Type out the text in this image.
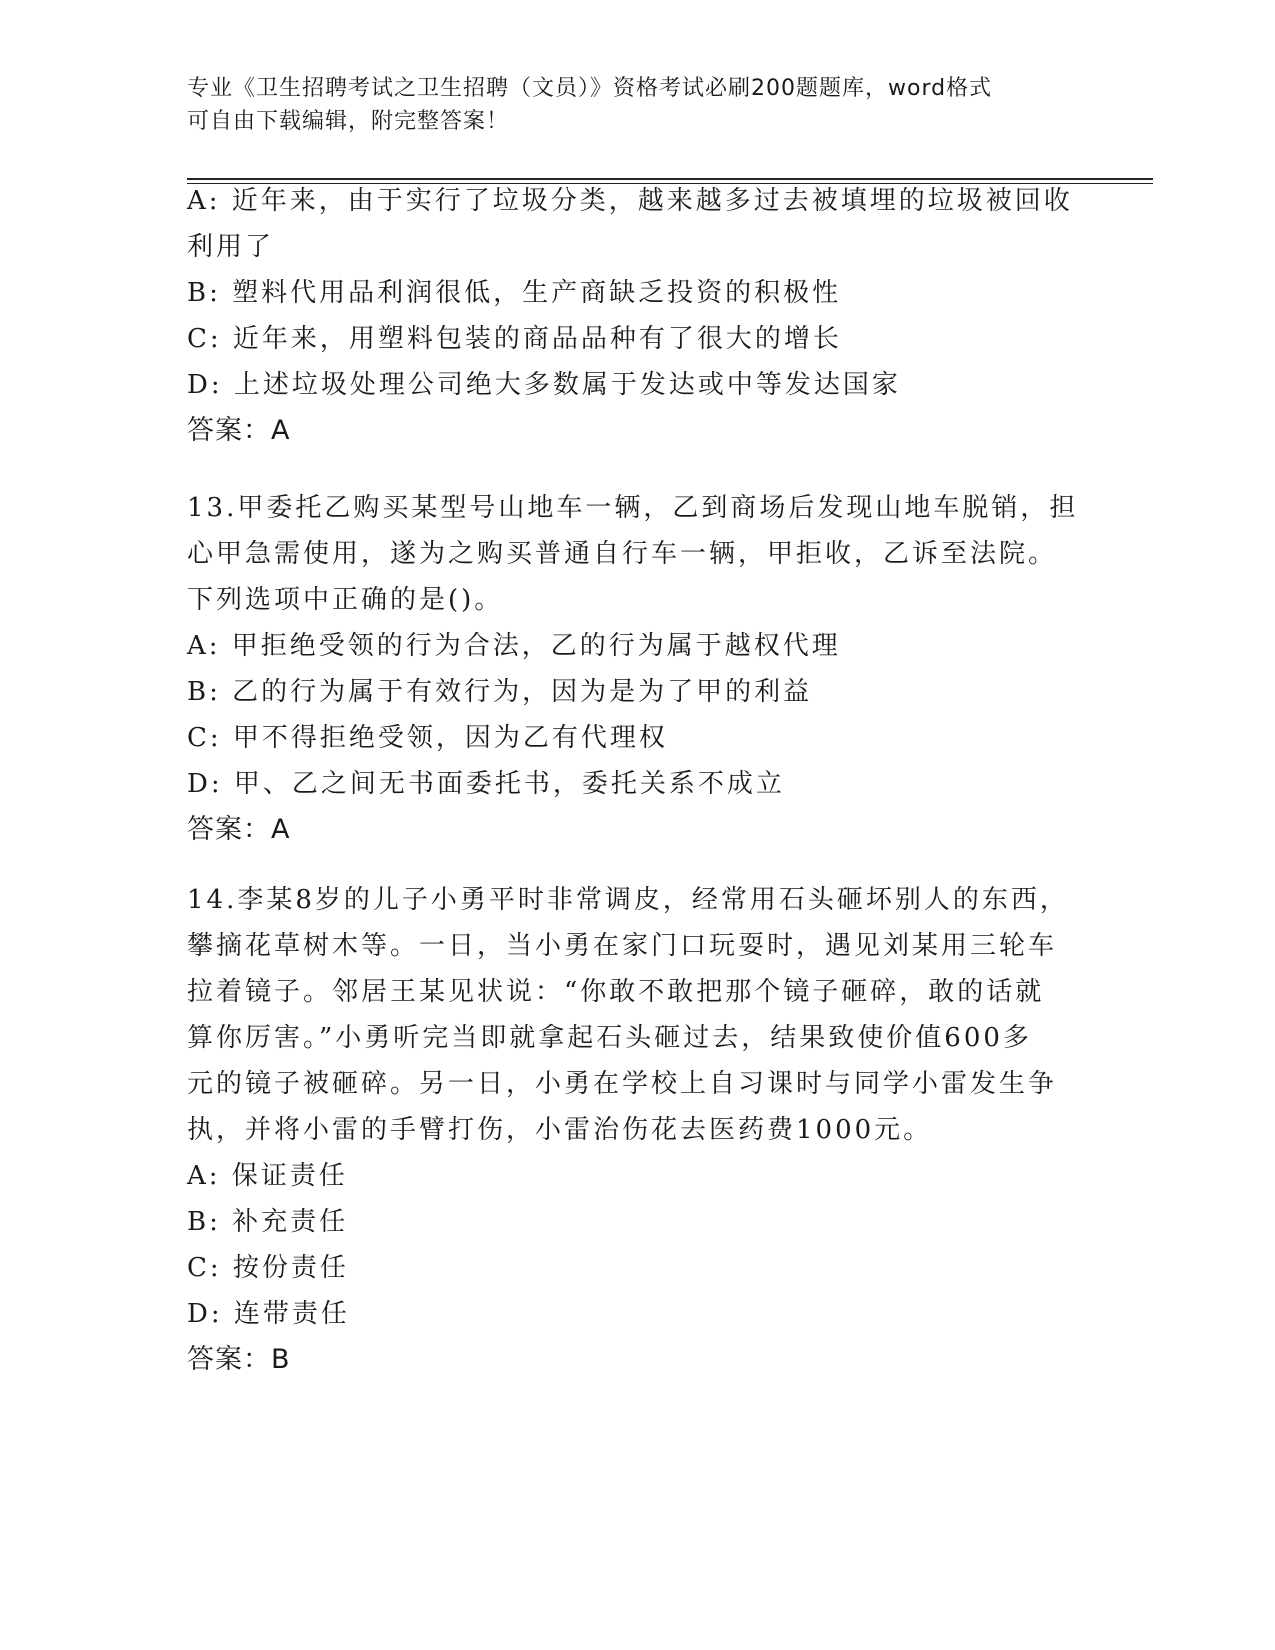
专业《卫生招聘考试之卫生招聘（文员）》资格考试必刷200题题库，word格式
可自由下载编辑，附完整答案！
A: 近年来，由于实行了垃圾分类，越来越多过去被填埋的垃圾被回收
利用了
B: 塑料代用品利润很低，生产商缺乏投资的积极性
C: 近年来，用塑料包装的商品品种有了很大的增长
D: 上述垃圾处理公司绝大多数属于发达或中等发达国家
答案：A
13.甲委托乙购买某型号山地车一辆，乙到商场后发现山地车脱销，担
心甲急需使用，遂为之购买普通自行车一辆，甲拒收，乙诉至法院。
下列选项中正确的是()。
A: 甲拒绝受领的行为合法，乙的行为属于越权代理
B: 乙的行为属于有效行为，因为是为了甲的利益
C: 甲不得拒绝受领，因为乙有代理权
D: 甲、乙之间无书面委托书，委托关系不成立
答案：A
14.李某8岁的儿子小勇平时非常调皮，经常用石头砸坏别人的东西，
攀摘花草树木等。一日，当小勇在家门口玩耍时，遇见刘某用三轮车
拉着镜子。邻居王某见状说：“你敢不敢把那个镜子砸碎，敢的话就
算你厉害。”小勇听完当即就拿起石头砸过去，结果致使价值600多
元的镜子被砸碎。另一日，小勇在学校上自习课时与同学小雷发生争
执，并将小雷的手臂打伤，小雷治伤花去医药费1000元。
A: 保证责任
B: 补充责任
C: 按份责任
D: 连带责任
答案：B
